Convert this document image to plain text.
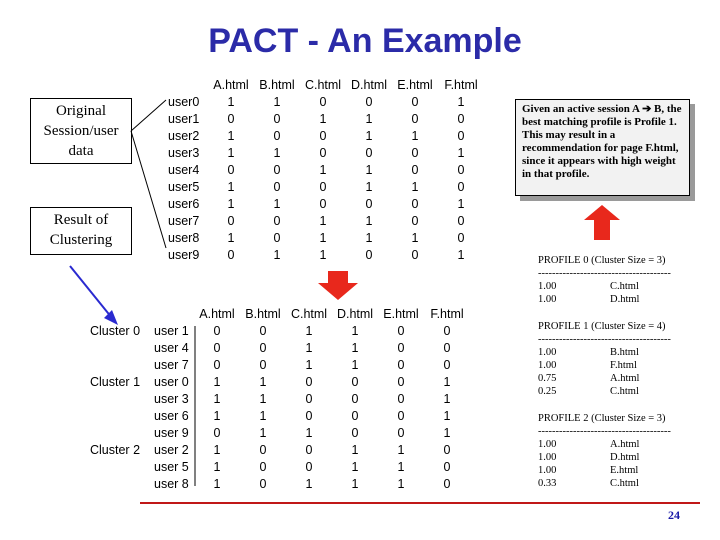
PACT - An Example
Original Session/user data
Result of Clustering
Given an active session A ➔ B, the best matching profile is Profile 1. This may result in a recommendation for page F.html, since it appears with high weight in that profile.
	A.html	B.html	C.html	D.html	E.html	F.html
user0	1	1	0	0	0	1
user1	0	0	1	1	0	0
user2	1	0	0	1	1	0
user3	1	1	0	0	0	1
user4	0	0	1	1	0	0
user5	1	0	0	1	1	0
user6	1	1	0	0	0	1
user7	0	0	1	1	0	0
user8	1	0	1	1	1	0
user9	0	1	1	0	0	1
		A.html	B.html	C.html	D.html	E.html	F.html
Cluster 0	user 1	0	0	1	1	0	0
	user 4	0	0	1	1	0	0
	user 7	0	0	1	1	0	0
Cluster 1	user 0	1	1	0	0	0	1
	user 3	1	1	0	0	0	1
	user 6	1	1	0	0	0	1
	user 9	0	1	1	0	0	1
Cluster 2	user 2	1	0	0	1	1	0
	user 5	1	0	0	1	1	0
	user 8	1	0	1	1	1	0
PROFILE 0 (Cluster Size = 3)
--------------------------------------
1.00	C.html
1.00	D.html
PROFILE 1 (Cluster Size = 4)
--------------------------------------
1.00	B.html
1.00	F.html
0.75	A.html
0.25	C.html
PROFILE 2 (Cluster Size = 3)
--------------------------------------
1.00	A.html
1.00	D.html
1.00	E.html
0.33	C.html
24
